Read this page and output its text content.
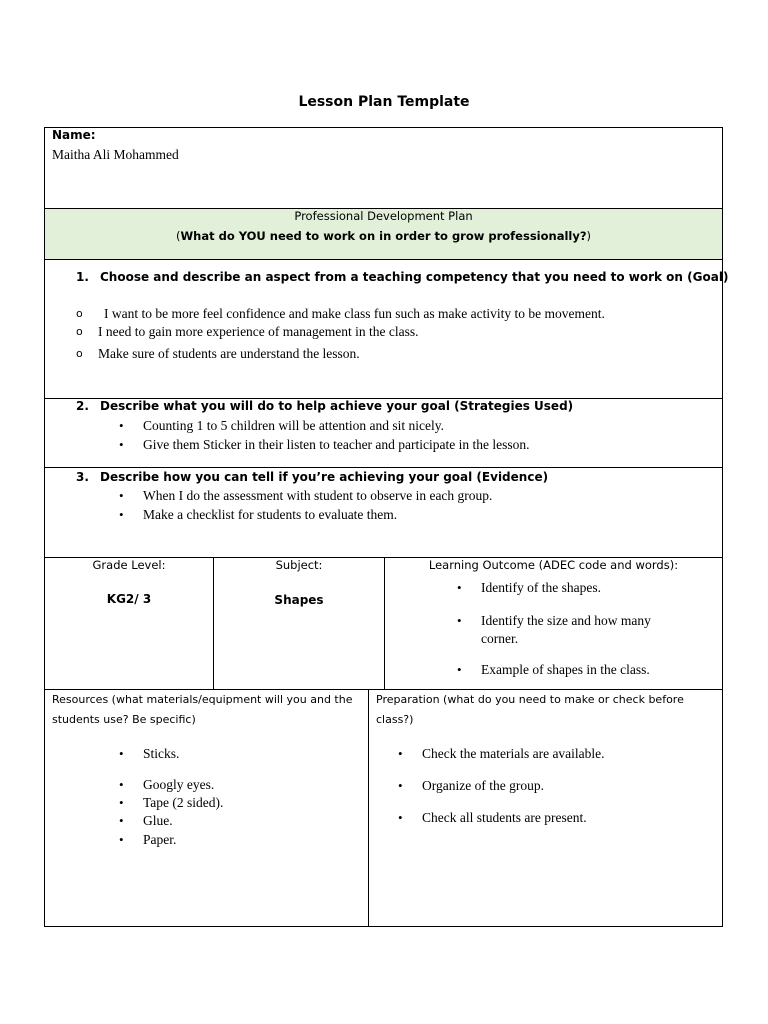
Lesson Plan Template
Name:
Maitha Ali Mohammed
Professional Development Plan
(What do YOU need to work on in order to grow professionally?)
1. Choose and describe an aspect from a teaching competency that you need to work on (Goal)
o I want to be more feel confidence and make class fun such as make activity to be movement.
o I need to gain more experience of management in the class.
o Make sure of students are understand the lesson.
2. Describe what you will do to help achieve your goal (Strategies Used)
• Counting 1 to 5 children will be attention and sit nicely.
• Give them Sticker in their listen to teacher and participate in the lesson.
3. Describe how you can tell if you’re achieving your goal (Evidence)
• When I do the assessment with student to observe in each group.
• Make a checklist for students to evaluate them.
Grade Level:
KG2/ 3
Subject:
Shapes
Learning Outcome (ADEC code and words):
• Identify of the shapes.
• Identify the size and how many corner.
• Example of shapes in the class.
Resources (what materials/equipment will you and the students use? Be specific)
• Sticks.
• Googly eyes.
• Tape (2 sided).
• Glue.
• Paper.
Preparation (what do you need to make or check before class?)
• Check the materials are available.
• Organize of the group.
• Check all students are present.
